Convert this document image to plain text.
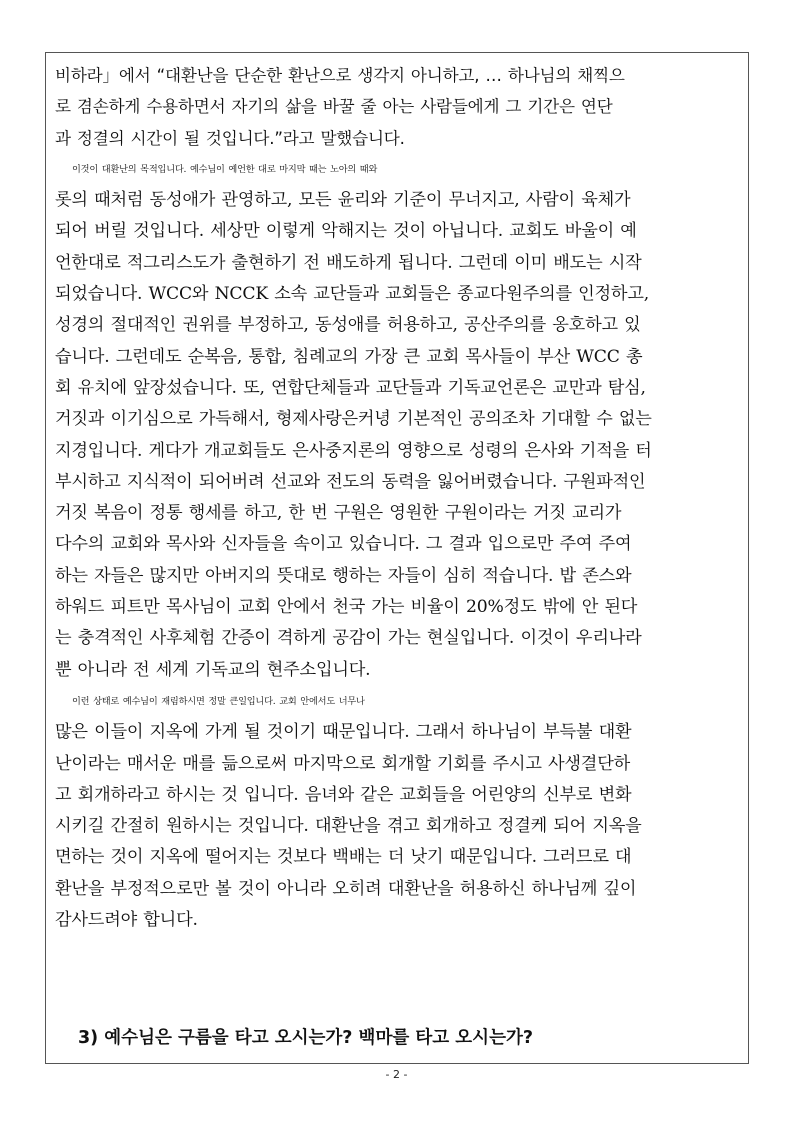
비하라」에서 “대환난을 단순한 환난으로 생각지 아니하고, … 하나님의 채찍으
로 겸손하게 수용하면서 자기의 삶을 바꿀 줄 아는 사람들에게 그 기간은 연단
과 정결의 시간이 될 것입니다.”라고 말했습니다.

이것이 대환난의 목적입니다. 예수님이 예언한 대로 마지막 때는 노아의 때와
롯의 때처럼 동성애가 관영하고, 모든 윤리와 기준이 무너지고, 사람이 육체가
되어 버릴 것입니다. 세상만 이렇게 악해지는 것이 아닙니다. 교회도 바울이 예
언한대로 적그리스도가 출현하기 전 배도하게 됩니다. 그런데 이미 배도는 시작
되었습니다. WCC와 NCCK 소속 교단들과 교회들은 종교다원주의를 인정하고,
성경의 절대적인 권위를 부정하고, 동성애를 허용하고, 공산주의를 옹호하고 있
습니다. 그런데도 순복음, 통합, 침례교의 가장 큰 교회 목사들이 부산 WCC 총
회 유치에 앞장섰습니다. 또, 연합단체들과 교단들과 기독교언론은 교만과 탐심,
거짓과 이기심으로 가득해서, 형제사랑은커녕 기본적인 공의조차 기대할 수 없는
지경입니다. 게다가 개교회들도 은사중지론의 영향으로 성령의 은사와 기적을 터
부시하고 지식적이 되어버려 선교와 전도의 동력을 잃어버렸습니다. 구원파적인
거짓 복음이 정통 행세를 하고, 한 번 구원은 영원한 구원이라는 거짓 교리가
다수의 교회와 목사와 신자들을 속이고 있습니다. 그 결과 입으로만 주여 주여
하는 자들은 많지만 아버지의 뜻대로 행하는 자들이 심히 적습니다. 밥 존스와
하워드 피트만 목사님이 교회 안에서 천국 가는 비율이 20%정도 밖에 안 된다
는 충격적인 사후체험 간증이 격하게 공감이 가는 현실입니다. 이것이 우리나라
뿐 아니라 전 세계 기독교의 현주소입니다.

이런 상태로 예수님이 재림하시면 정말 큰일입니다. 교회 안에서도 너무나
많은 이들이 지옥에 가게 될 것이기 때문입니다. 그래서 하나님이 부득불 대환
난이라는 매서운 매를 듦으로써 마지막으로 회개할 기회를 주시고 사생결단하
고 회개하라고 하시는 것 입니다. 음녀와 같은 교회들을 어린양의 신부로 변화
시키길 간절히 원하시는 것입니다. 대환난을 겪고 회개하고 정결케 되어 지옥을
면하는 것이 지옥에 떨어지는 것보다 백배는 더 낫기 때문입니다. 그러므로 대
환난을 부정적으로만 볼 것이 아니라 오히려 대환난을 허용하신 하나님께 깊이
감사드려야 합니다.

3) 예수님은 구름을 타고 오시는가? 백마를 타고 오시는가?
- 2 -
